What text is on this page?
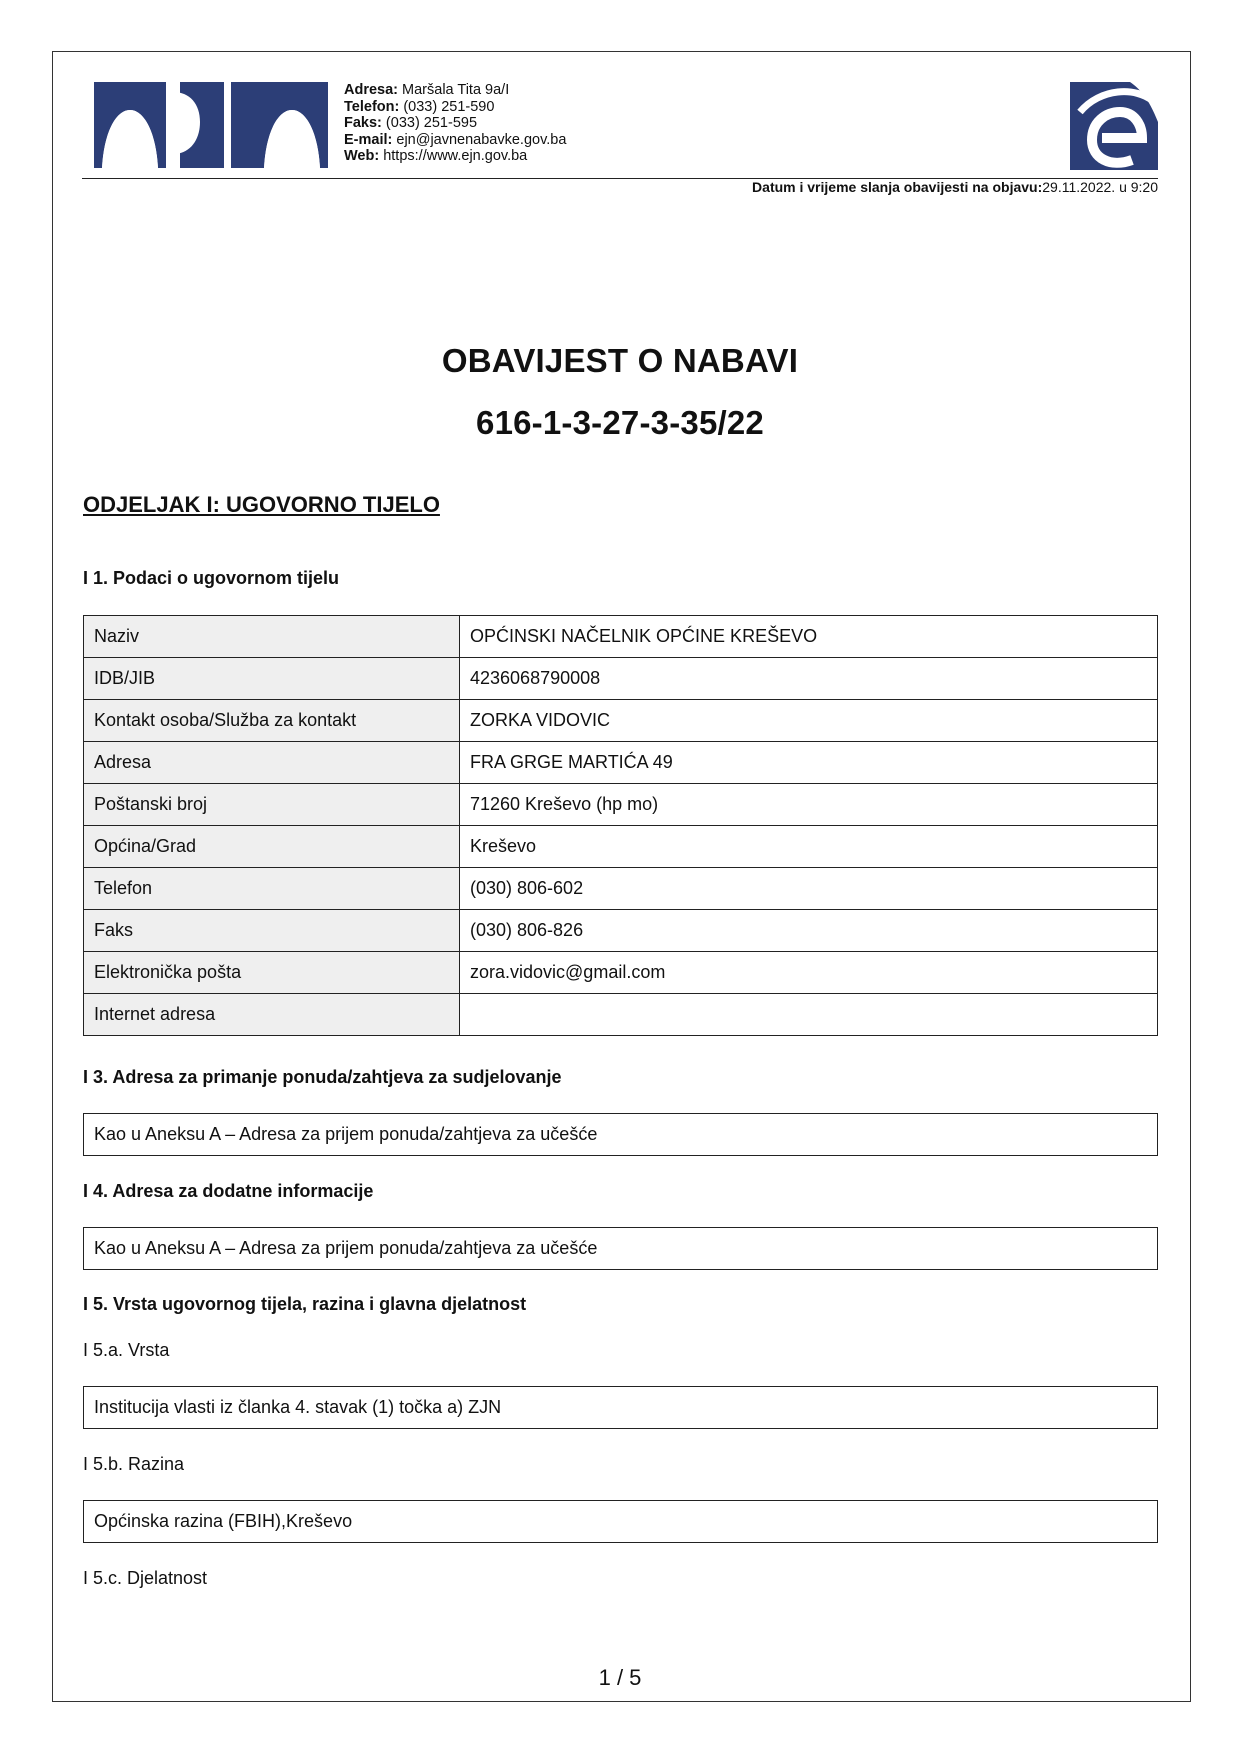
Adresa: Maršala Tita 9a/I
Telefon: (033) 251-590
Faks: (033) 251-595
E-mail: ejn@javnenabavke.gov.ba
Web: https://www.ejn.gov.ba
Datum i vrijeme slanja obavijesti na objavu:29.11.2022. u 9:20
OBAVIJEST O NABAVI
616-1-3-27-3-35/22
ODJELJAK I: UGOVORNO TIJELO
I 1. Podaci o ugovornom tijelu
Naziv	OPĆINSKI NAČELNIK OPĆINE KREŠEVO
IDB/JIB	4236068790008
Kontakt osoba/Služba za kontakt	ZORKA VIDOVIC
Adresa	FRA GRGE MARTIĆA 49
Poštanski broj	71260 Kreševo (hp mo)
Općina/Grad	Kreševo
Telefon	(030) 806-602
Faks	(030) 806-826
Elektronička pošta	zora.vidovic@gmail.com
Internet adresa	
I 3. Adresa za primanje ponuda/zahtjeva za sudjelovanje
Kao u Aneksu A – Adresa za prijem ponuda/zahtjeva za učešće
I 4. Adresa za dodatne informacije
Kao u Aneksu A – Adresa za prijem ponuda/zahtjeva za učešće
I 5. Vrsta ugovornog tijela, razina i glavna djelatnost
I 5.a. Vrsta
Institucija vlasti iz članka 4. stavak (1) točka a) ZJN
I 5.b. Razina
Općinska razina (FBIH),Kreševo
I 5.c. Djelatnost
1 / 5
